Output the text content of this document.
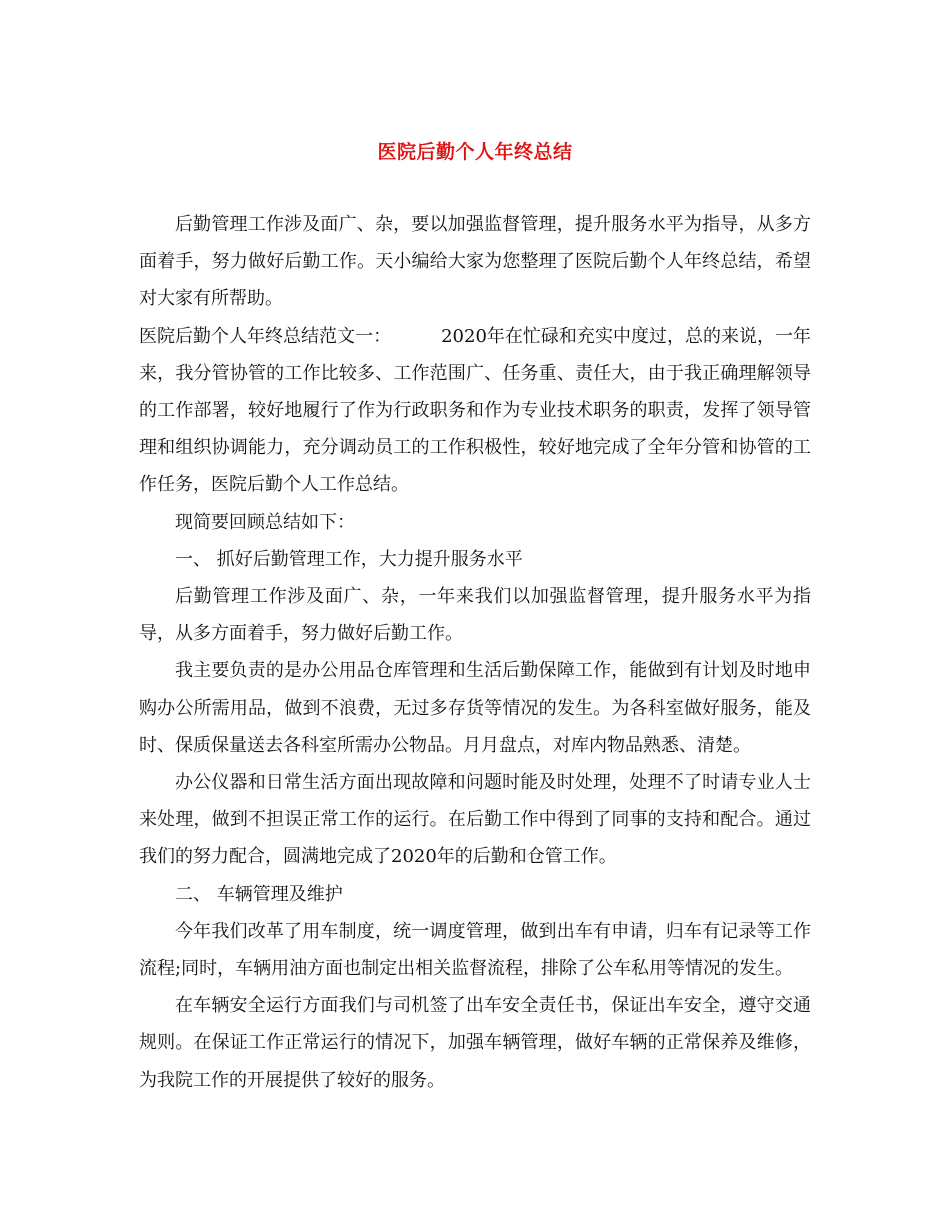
医院后勤个人年终总结

后勤管理工作涉及面广、杂，要以加强监督管理，提升服务水平为指导，从多方面着手，努力做好后勤工作。天小编给大家为您整理了医院后勤个人年终总结，希望对大家有所帮助。

医院后勤个人年终总结范文一：	2020年在忙碌和充实中度过，总的来说，一年来，我分管协管的工作比较多、工作范围广、任务重、责任大，由于我正确理解领导的工作部署，较好地履行了作为行政职务和作为专业技术职务的职责，发挥了领导管理和组织协调能力，充分调动员工的工作积极性，较好地完成了全年分管和协管的工作任务，医院后勤个人工作总结。

现简要回顾总结如下：

一、 抓好后勤管理工作，大力提升服务水平

后勤管理工作涉及面广、杂，一年来我们以加强监督管理，提升服务水平为指导，从多方面着手，努力做好后勤工作。

我主要负责的是办公用品仓库管理和生活后勤保障工作，能做到有计划及时地申购办公所需用品，做到不浪费，无过多存货等情况的发生。为各科室做好服务，能及时、保质保量送去各科室所需办公物品。月月盘点，对库内物品熟悉、清楚。

办公仪器和日常生活方面出现故障和问题时能及时处理，处理不了时请专业人士来处理，做到不担误正常工作的运行。在后勤工作中得到了同事的支持和配合。通过我们的努力配合，圆满地完成了2020年的后勤和仓管工作。

二、 车辆管理及维护

今年我们改革了用车制度，统一调度管理，做到出车有申请，归车有记录等工作流程;同时，车辆用油方面也制定出相关监督流程，排除了公车私用等情况的发生。

在车辆安全运行方面我们与司机签了出车安全责任书，保证出车安全，遵守交通规则。在保证工作正常运行的情况下，加强车辆管理，做好车辆的正常保养及维修，为我院工作的开展提供了较好的服务。
